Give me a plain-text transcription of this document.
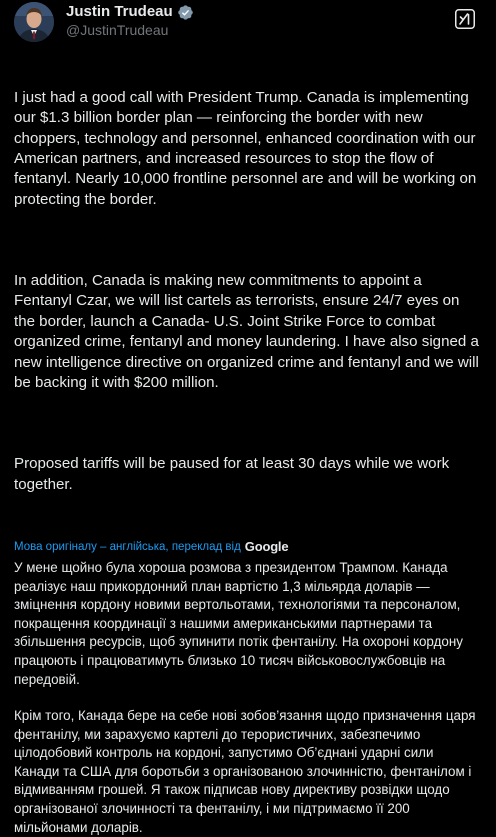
Justin Trudeau
@JustinTrudeau

I just had a good call with President Trump. Canada is implementing our $1.3 billion border plan — reinforcing the border with new choppers, technology and personnel, enhanced coordination with our American partners, and increased resources to stop the flow of fentanyl. Nearly 10,000 frontline personnel are and will be working on protecting the border.

In addition, Canada is making new commitments to appoint a Fentanyl Czar, we will list cartels as terrorists, ensure 24/7 eyes on the border, launch a Canada- U.S. Joint Strike Force to combat organized crime, fentanyl and money laundering. I have also signed a new intelligence directive on organized crime and fentanyl and we will be backing it with $200 million.

Proposed tariffs will be paused for at least 30 days while we work together.

Мова оригіналу – англійська, переклад від Google

У мене щойно була хороша розмова з президентом Трампом. Канада реалізує наш прикордонний план вартістю 1,3 мільярда доларів — зміцнення кордону новими вертольотами, технологіями та персоналом, покращення координації з нашими американськими партнерами та збільшення ресурсів, щоб зупинити потік фентанілу. На охороні кордону працюють і працюватимуть близько 10 тисяч військовослужбовців на передовій.

Крім того, Канада бере на себе нові зобов’язання щодо призначення царя фентанілу, ми зарахуємо картелі до терористичних, забезпечимо цілодобовий контроль на кордоні, запустимо Об’єднані ударні сили Канади та США для боротьби з організованою злочинністю, фентанілом і відмиванням грошей. Я також підписав нову директиву розвідки щодо організованої злочинності та фентанілу, і ми підтримаємо її 200 мільйонами доларів.
